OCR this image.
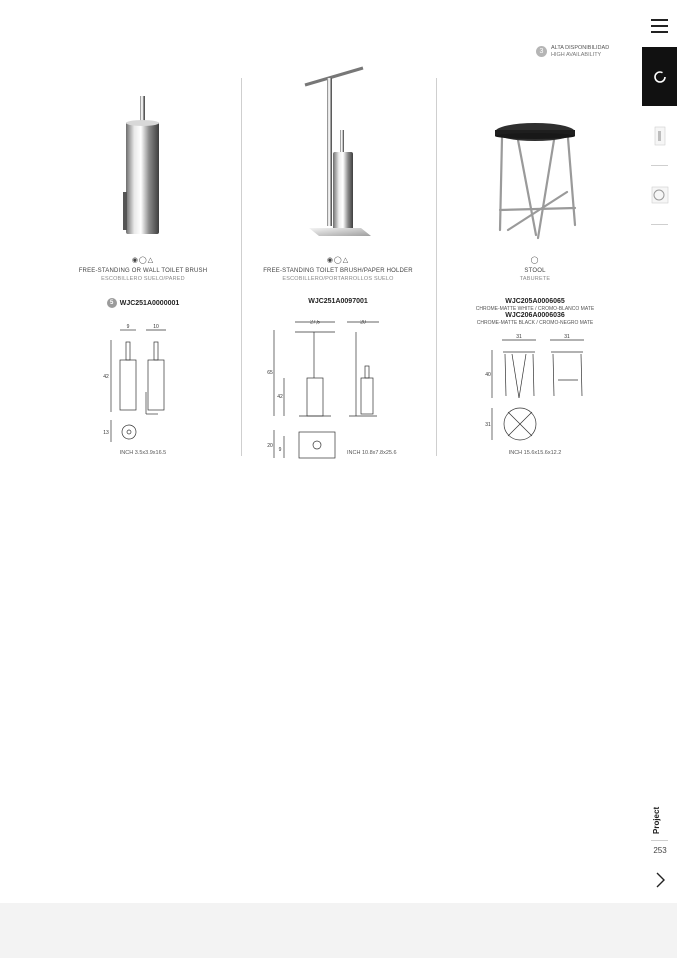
3	ALTA DISPONIBILIDAD
HIGH AVAILABILITY
◉◯△
FREE-STANDING OR WALL TOILET BRUSH
ESCOBILLERO SUELO/PARED
5 WJC251A0000001
9	10
42
13
INCH 3.5x3.9x16.5
◉◯△
FREE-STANDING TOILET BRUSH/PAPER HOLDER
ESCOBILLERO/PORTARROLLOS SUELO
WJC251A0097001
27,5	20
65
42
20
9	INCH 10.8x7.8x25.6
◯
STOOL
TABURETE
WJC205A0006065
CHROME-MATTE WHITE / CROMO-BLANCO MATE
WJC206A0006036
CHROME-MATTE BLACK / CROMO-NEGRO MATE
31	31
40
31
INCH 15.6x15.6x12.2
Project
253
